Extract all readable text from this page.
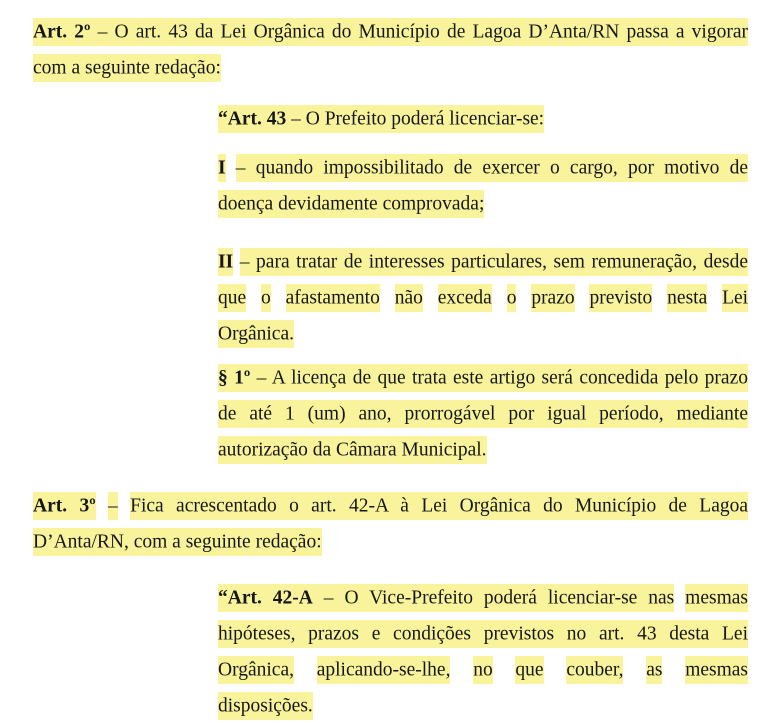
Art. 2º – O art. 43 da Lei Orgânica do Município de Lagoa D’Anta/RN passa a vigorar
com a seguinte redação:

“Art. 43 – O Prefeito poderá licenciar-se:

I – quando impossibilitado de exercer o cargo, por motivo de
doença devidamente comprovada;

II – para tratar de interesses particulares, sem remuneração, desde
que o afastamento não exceda o prazo previsto nesta Lei
Orgânica.

§ 1º – A licença de que trata este artigo será concedida pelo prazo
de até 1 (um) ano, prorrogável por igual período, mediante
autorização da Câmara Municipal.

Art. 3º – Fica acrescentado o art. 42-A à Lei Orgânica do Município de Lagoa
D’Anta/RN, com a seguinte redação:

“Art. 42-A – O Vice-Prefeito poderá licenciar-se nas mesmas
hipóteses, prazos e condições previstos no art. 43 desta Lei
Orgânica, aplicando-se-lhe, no que couber, as mesmas
disposições.
